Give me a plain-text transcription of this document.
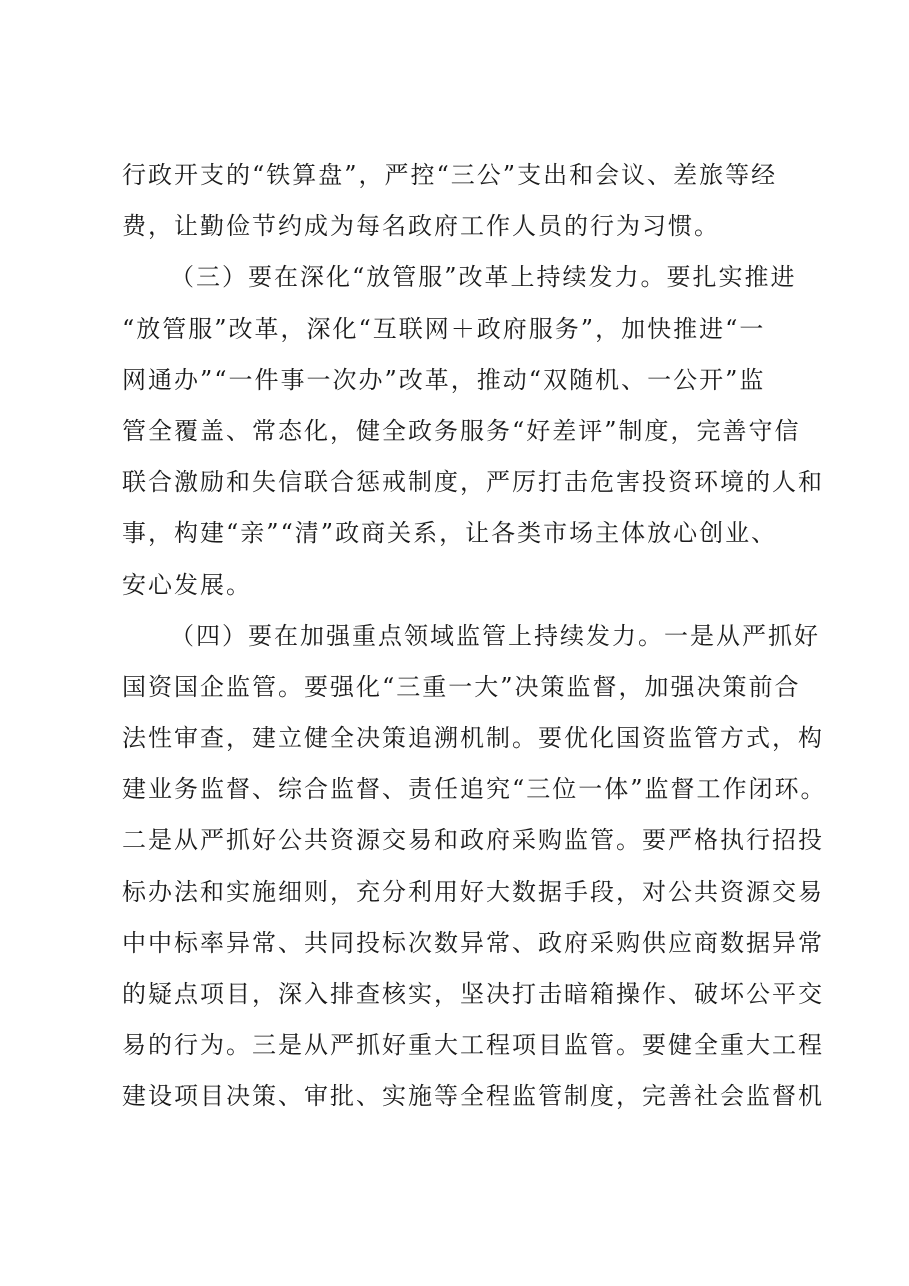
行政开支的“铁算盘”，严控“三公”支出和会议、差旅等经
费，让勤俭节约成为每名政府工作人员的行为习惯。
（三）要在深化“放管服”改革上持续发力。要扎实推进
“放管服”改革，深化“互联网＋政府服务”，加快推进“一
网通办”“一件事一次办”改革，推动“双随机、一公开”监
管全覆盖、常态化，健全政务服务“好差评”制度，完善守信
联合激励和失信联合惩戒制度，严厉打击危害投资环境的人和
事，构建“亲”“清”政商关系，让各类市场主体放心创业、
安心发展。
（四）要在加强重点领域监管上持续发力。一是从严抓好
国资国企监管。要强化“三重一大”决策监督，加强决策前合
法性审查，建立健全决策追溯机制。要优化国资监管方式，构
建业务监督、综合监督、责任追究“三位一体”监督工作闭环。
二是从严抓好公共资源交易和政府采购监管。要严格执行招投
标办法和实施细则，充分利用好大数据手段，对公共资源交易
中中标率异常、共同投标次数异常、政府采购供应商数据异常
的疑点项目，深入排查核实，坚决打击暗箱操作、破坏公平交
易的行为。三是从严抓好重大工程项目监管。要健全重大工程
建设项目决策、审批、实施等全程监管制度，完善社会监督机
